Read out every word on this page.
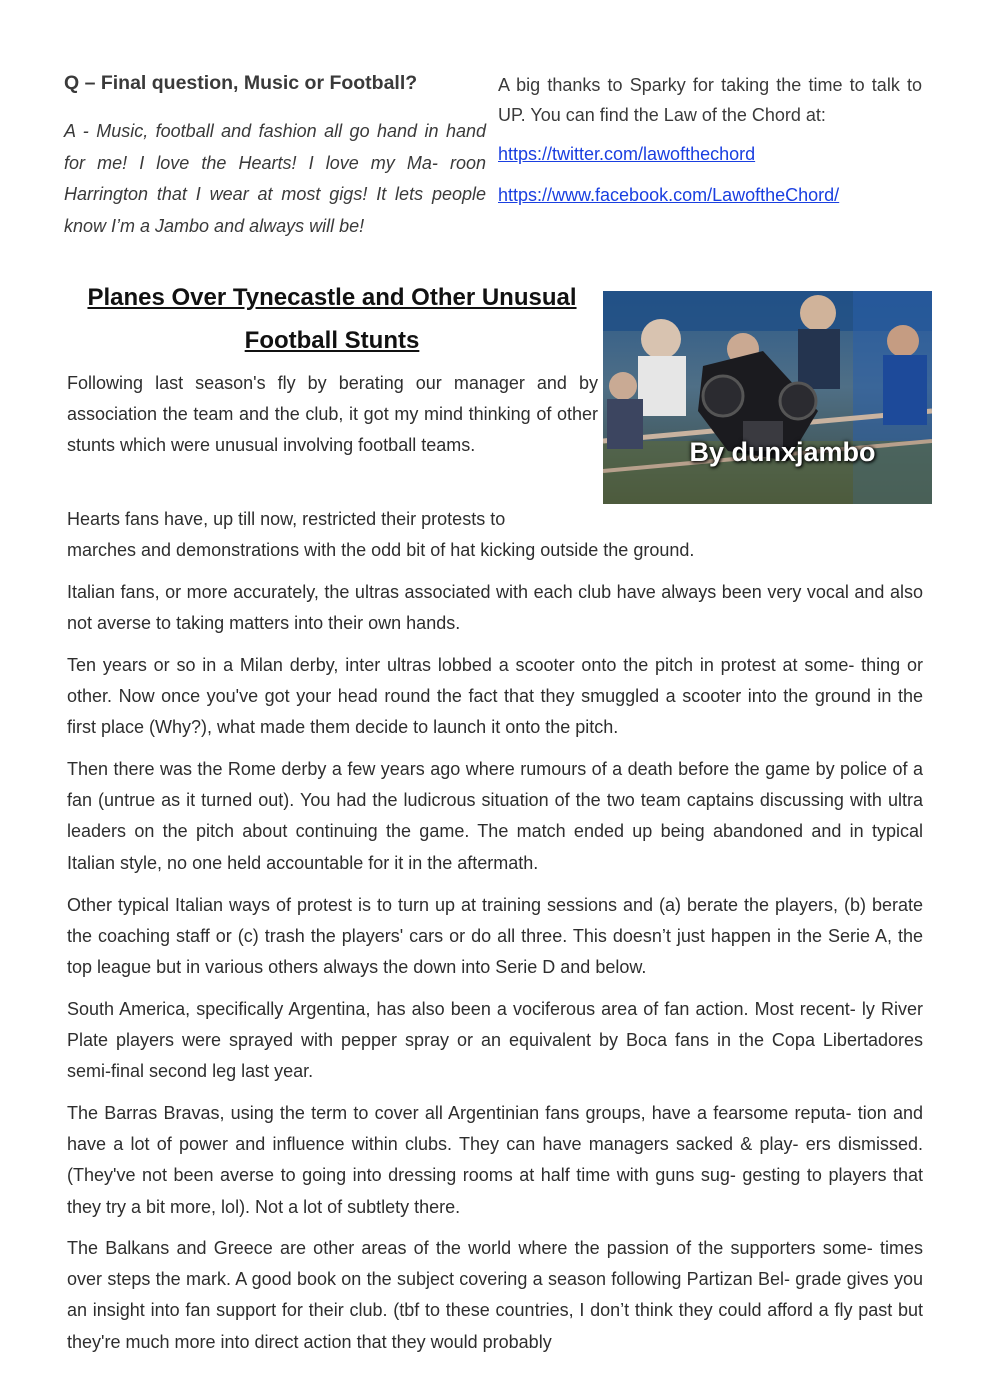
Q – Final question, Music or Football?
A - Music, football and fashion all go hand in hand for me! I love the Hearts! I love my Ma- roon Harrington that I wear at most gigs! It lets people know I’m a Jambo and always will be!
A big thanks to Sparky for taking the time to talk to UP. You can find the Law of the Chord at:
https://twitter.com/lawofthechord
https://www.facebook.com/LawoftheChord/
Planes Over Tynecastle and Other Unusual
Football Stunts
By dunxjambo
Following last season's fly by berating our manager and by association the team and the club, it got my mind thinking of other stunts which were unusual involving football teams.
Hearts fans have, up till now, restricted their protests to
marches and demonstrations with the odd bit of hat kicking outside the ground.
Italian fans, or more accurately, the ultras associated with each club have always been very vocal and also not averse to taking matters into their own hands.
Ten years or so in a Milan derby, inter ultras lobbed a scooter onto the pitch in protest at some- thing or other. Now once you've got your head round the fact that they smuggled a scooter into the ground in the first place (Why?), what made them decide to launch it onto the pitch.
Then there was the Rome derby a few years ago where rumours of a death before the game by police of a fan (untrue as it turned out). You had the ludicrous situation of the two team captains discussing with ultra leaders on the pitch about continuing the game. The match ended up being abandoned and in typical Italian style, no one held accountable for it in the aftermath.
Other typical Italian ways of protest is to turn up at training sessions and (a) berate the players, (b) berate the coaching staff or (c) trash the players' cars or do all three. This doesn’t just happen in the Serie A, the top league but in various others always the down into Serie D and below.
South America, specifically Argentina, has also been a vociferous area of fan action. Most recent- ly River Plate players were sprayed with pepper spray or an equivalent by Boca fans in the Copa Libertadores semi-final second leg last year.
The Barras Bravas, using the term to cover all Argentinian fans groups, have a fearsome reputa- tion and have a lot of power and influence within clubs. They can have managers sacked & play- ers dismissed. (They've not been averse to going into dressing rooms at half time with guns sug- gesting to players that they try a bit more, lol). Not a lot of subtlety there.
The Balkans and Greece are other areas of the world where the passion of the supporters some- times over steps the mark. A good book on the subject covering a season following Partizan Bel- grade gives you an insight into fan support for their club. (tbf to these countries, I don’t think they could afford a fly past but they're much more into direct action that they would probably
